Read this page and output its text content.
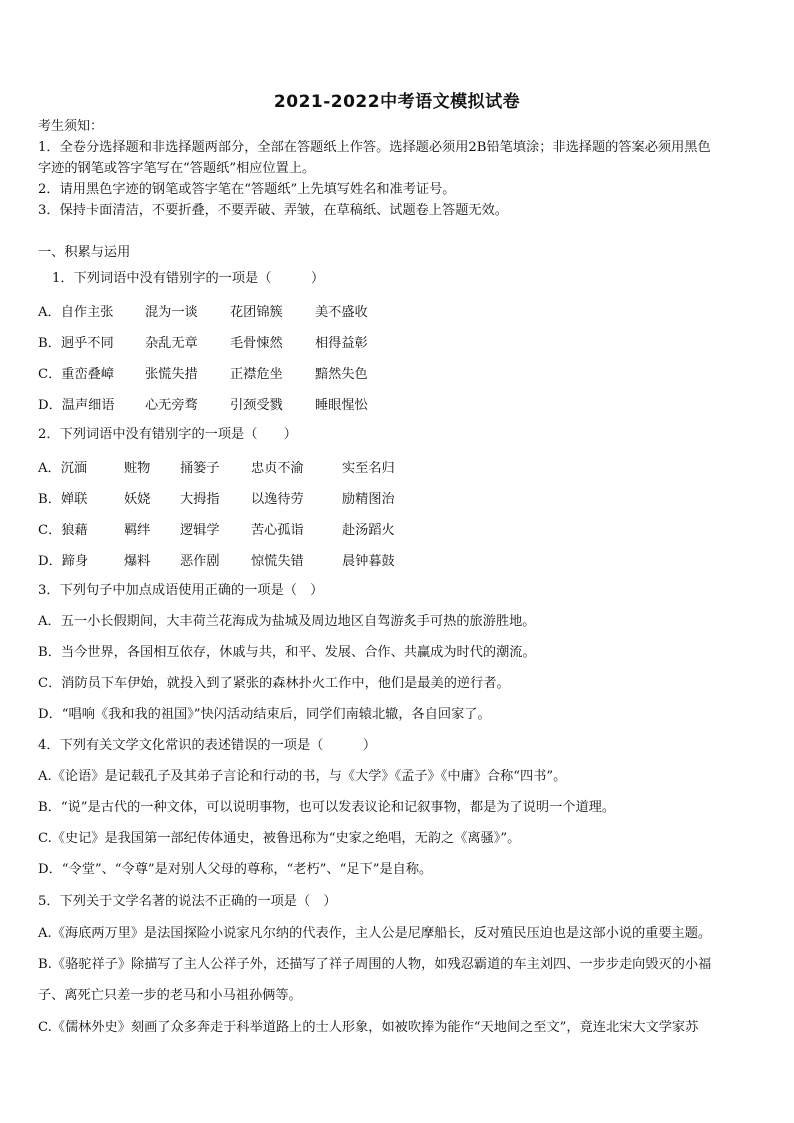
2021-2022中考语文模拟试卷
考生须知：
1．全卷分选择题和非选择题两部分，全部在答题纸上作答。选择题必须用2B铅笔填涂；非选择题的答案必须用黑色
字迹的钢笔或答字笔写在“答题纸”相应位置上。
2．请用黑色字迹的钢笔或答字笔在“答题纸”上先填写姓名和准考证号。
3．保持卡面清洁，不要折叠，不要弄破、弄皱，在草稿纸、试题卷上答题无效。
一、积累与运用
1．下列词语中没有错别字的一项是（　　　）
A．自作主张 混为一谈 花团锦簇 美不盛收
B．迥乎不同 杂乱无章 毛骨悚然 相得益彰
C．重峦叠嶂 张慌失措 正襟危坐 黯然失色
D．温声细语 心无旁骛 引颈受戮 睡眼惺忪
2．下列词语中没有错别字的一项是（　　）
A．沉湎	赃物 捅篓子 忠贞不渝	实至名归
B．婵联	妖娆 大拇指 以逸待劳	励精图治
C．狼藉	羁绊 逻辑学 苦心孤诣	赴汤蹈火
D．蹄身	爆料 恶作剧 惊慌失错	晨钟暮鼓
3．下列句子中加点成语使用正确的一项是（　）
A．五一小长假期间，大丰荷兰花海成为盐城及周边地区自驾游炙手可热的旅游胜地。
B．当今世界，各国相互依存，休戚与共，和平、发展、合作、共赢成为时代的潮流。
C．消防员下车伊始，就投入到了紧张的森林扑火工作中，他们是最美的逆行者。
D．“唱响《我和我的祖国》”快闪活动结束后，同学们南辕北辙，各自回家了。
4．下列有关文学文化常识的表述错误的一项是（　　　）
A.《论语》是记载孔子及其弟子言论和行动的书，与《大学》《孟子》《中庸》合称“四书”。
B．“说”是古代的一种文体，可以说明事物，也可以发表议论和记叙事物，都是为了说明一个道理。
C.《史记》是我国第一部纪传体通史，被鲁迅称为“史家之绝唱，无韵之《离骚》”。
D．“令堂”、“令尊”是对别人父母的尊称，“老朽”、“足下”是自称。
5．下列关于文学名著的说法不正确的一项是（　）
A.《海底两万里》是法国探险小说家凡尔纳的代表作，主人公是尼摩船长，反对殖民压迫也是这部小说的重要主题。
B.《骆驼祥子》除描写了主人公祥子外，还描写了祥子周围的人物，如残忍霸道的车主刘四、一步步走向毁灭的小福
子、离死亡只差一步的老马和小马祖孙俩等。
C.《儒林外史》刻画了众多奔走于科举道路上的士人形象，如被吹捧为能作“天地间之至文”，竟连北宋大文学家苏
